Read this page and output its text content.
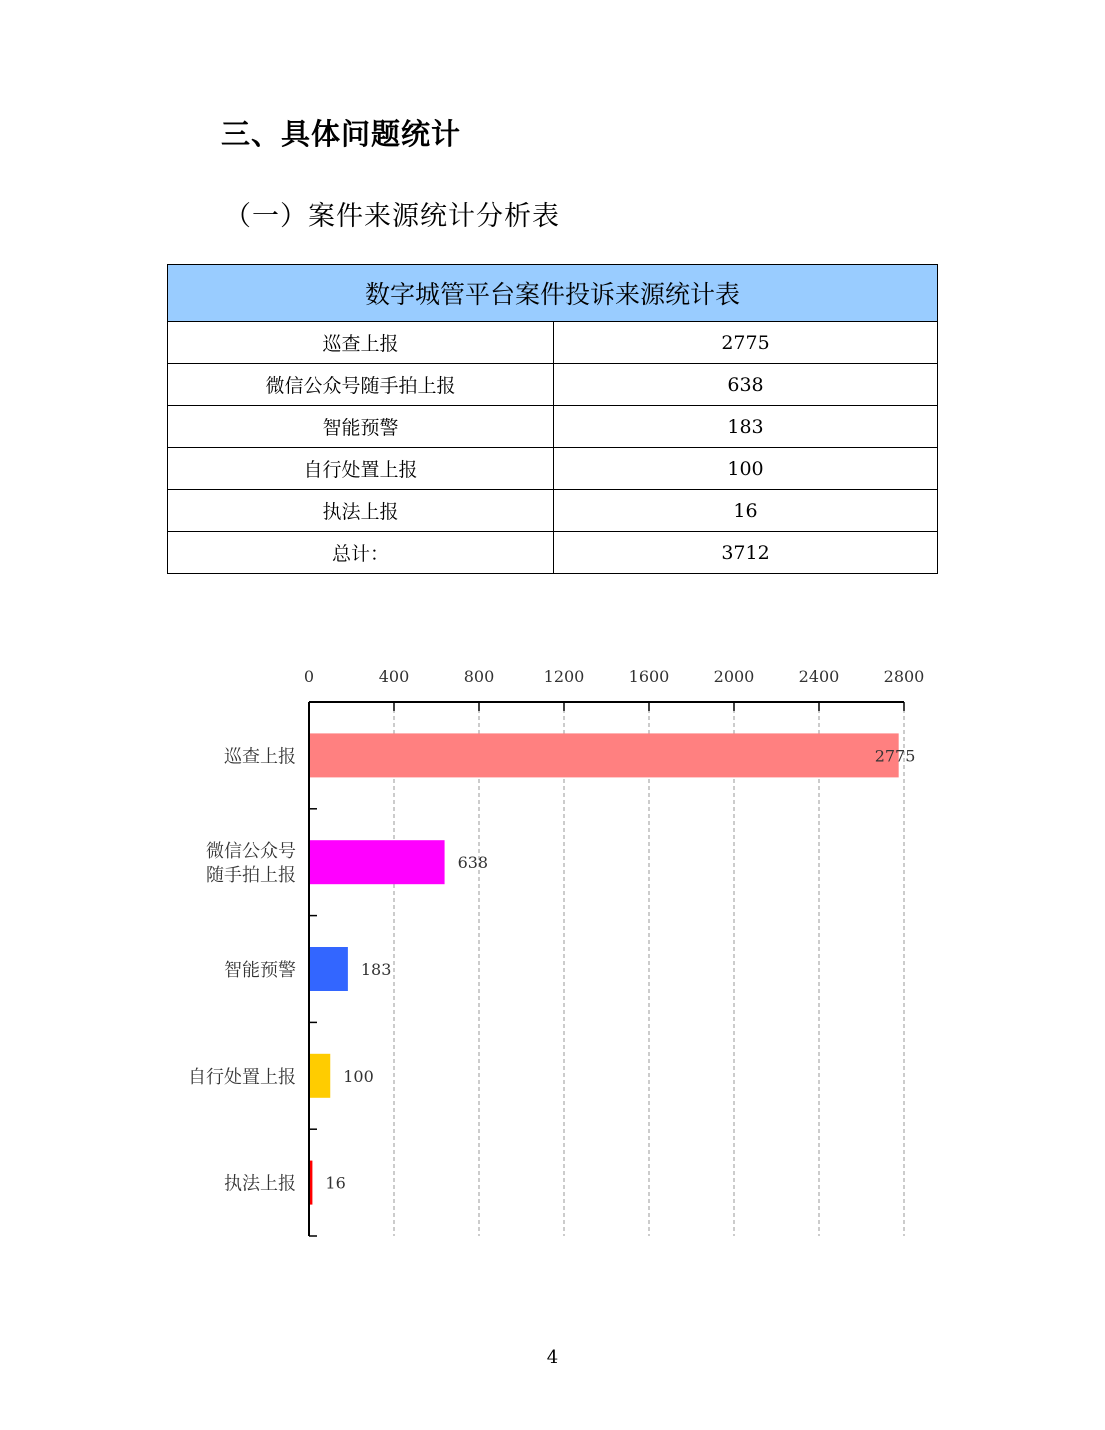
三、具体问题统计
（一）案件来源统计分析表
数字城管平台案件投诉来源统计表	
巡查上报	2775
微信公众号随手拍上报	638
智能预警	183
自行处置上报	100
执法上报	16
总计：	3712
2775
巡查上报
638
微信公众号
随手拍上报
183
智能预警
100
自行处置上报
16
执法上报
0	400	800	1200	1600	2000	2400	2800
4
